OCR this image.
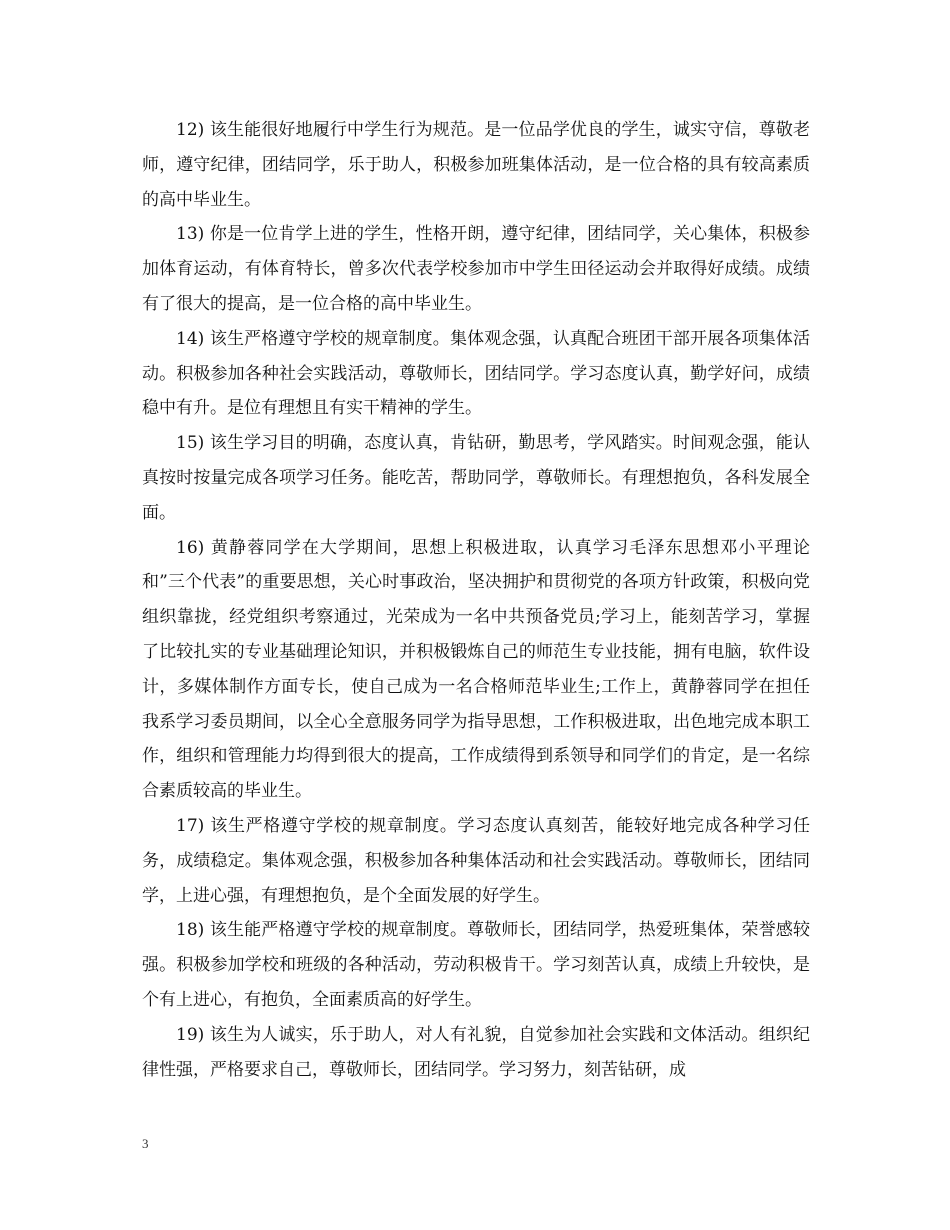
12) 该生能很好地履行中学生行为规范。是一位品学优良的学生，诚实守信，尊敬老师，遵守纪律，团结同学，乐于助人，积极参加班集体活动，是一位合格的具有较高素质的高中毕业生。

13) 你是一位肯学上进的学生，性格开朗，遵守纪律，团结同学，关心集体，积极参加体育运动，有体育特长，曾多次代表学校参加市中学生田径运动会并取得好成绩。成绩有了很大的提高，是一位合格的高中毕业生。

14) 该生严格遵守学校的规章制度。集体观念强，认真配合班团干部开展各项集体活动。积极参加各种社会实践活动，尊敬师长，团结同学。学习态度认真，勤学好问，成绩稳中有升。是位有理想且有实干精神的学生。

15) 该生学习目的明确，态度认真，肯钻研，勤思考，学风踏实。时间观念强，能认真按时按量完成各项学习任务。能吃苦，帮助同学，尊敬师长。有理想抱负，各科发展全面。

16) 黄静蓉同学在大学期间，思想上积极进取，认真学习毛泽东思想邓小平理论和”三个代表”的重要思想，关心时事政治，坚决拥护和贯彻党的各项方针政策，积极向党组织靠拢，经党组织考察通过，光荣成为一名中共预备党员;学习上，能刻苦学习，掌握了比较扎实的专业基础理论知识，并积极锻炼自己的师范生专业技能，拥有电脑，软件设计，多媒体制作方面专长，使自己成为一名合格师范毕业生;工作上，黄静蓉同学在担任我系学习委员期间，以全心全意服务同学为指导思想，工作积极进取，出色地完成本职工作，组织和管理能力均得到很大的提高，工作成绩得到系领导和同学们的肯定，是一名综合素质较高的毕业生。

17) 该生严格遵守学校的规章制度。学习态度认真刻苦，能较好地完成各种学习任务，成绩稳定。集体观念强，积极参加各种集体活动和社会实践活动。尊敬师长，团结同学，上进心强，有理想抱负，是个全面发展的好学生。

18) 该生能严格遵守学校的规章制度。尊敬师长，团结同学，热爱班集体，荣誉感较强。积极参加学校和班级的各种活动，劳动积极肯干。学习刻苦认真，成绩上升较快，是个有上进心，有抱负，全面素质高的好学生。

19) 该生为人诚实，乐于助人，对人有礼貌，自觉参加社会实践和文体活动。组织纪律性强，严格要求自己，尊敬师长，团结同学。学习努力，刻苦钻研，成

3
